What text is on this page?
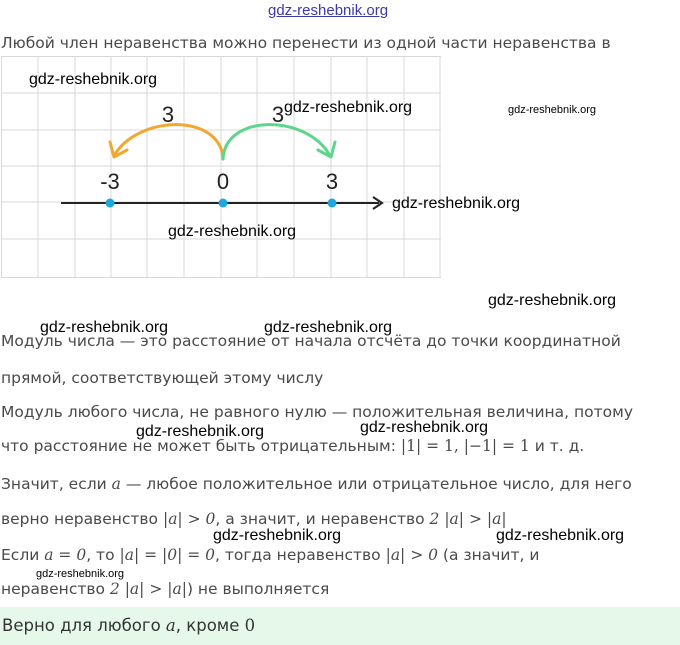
gdz-reshebnik.org
Любой член неравенства можно перенести из одной части неравенства в
3	3
-3	0	3
Модуль числа — это расстояние от начала отсчёта до точки координатной
прямой, соответствующей этому числу
Модуль любого числа, не равного нулю — положительная величина, потому
что расстояние не может быть отрицательным: |1| = 1, |−1| = 1 и т. д.
Значит, если a — любое положительное или отрицательное число, для него
верно неравенство |a| > 0, а значит, и неравенство 2 |a| > |a|
Если a = 0, то |a| = |0| = 0, тогда неравенство |a| > 0 (а значит, и
неравенство 2 |a| > |a|) не выполняется
Верно для любого a, кроме 0
gdz-reshebnik.org
gdz-reshebnik.org	gdz-reshebnik.org
gdz-reshebnik.org
gdz-reshebnik.org
gdz-reshebnik.org
gdz-reshebnik.org	gdz-reshebnik.org
gdz-reshebnik.org	gdz-reshebnik.org
gdz-reshebnik.org	gdz-reshebnik.org
gdz-reshebnik.org
